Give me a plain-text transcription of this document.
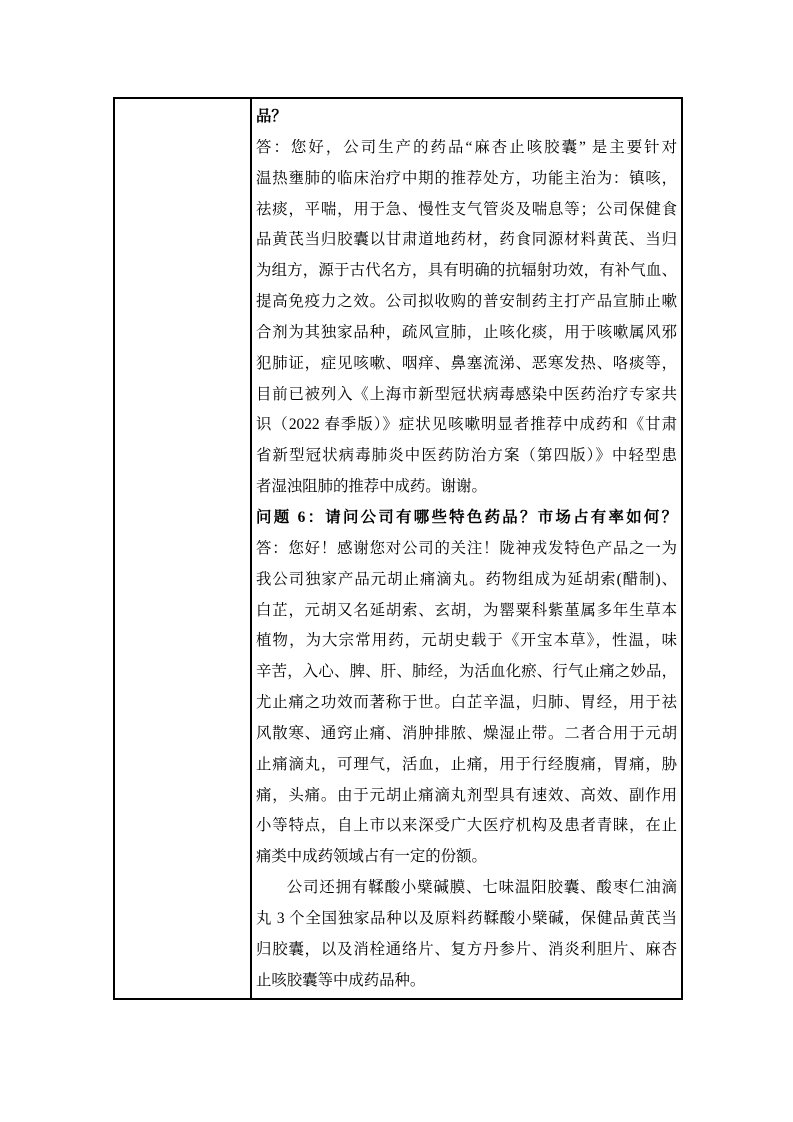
品？
答：您好，公司生产的药品“麻杏止咳胶囊” 是主要针对
温热壅肺的临床治疗中期的推荐处方，功能主治为：镇咳，
祛痰，平喘，用于急、慢性支气管炎及喘息等；公司保健食
品黄芪当归胶囊以甘肃道地药材，药食同源材料黄芪、当归
为组方，源于古代名方，具有明确的抗辐射功效，有补气血、
提高免疫力之效。公司拟收购的普安制药主打产品宣肺止嗽
合剂为其独家品种，疏风宣肺，止咳化痰，用于咳嗽属风邪
犯肺证，症见咳嗽、咽痒、鼻塞流涕、恶寒发热、咯痰等，
目前已被列入《上海市新型冠状病毒感染中医药治疗专家共
识（2022 春季版）》症状见咳嗽明显者推荐中成药和《甘肃
省新型冠状病毒肺炎中医药防治方案（第四版）》中轻型患
者湿浊阻肺的推荐中成药。谢谢。
问题 6：请问公司有哪些特色药品？市场占有率如何？
答：您好！感谢您对公司的关注！陇神戎发特色产品之一为
我公司独家产品元胡止痛滴丸。药物组成为延胡索(醋制)、
白芷，元胡又名延胡索、玄胡，为罂粟科紫堇属多年生草本
植物，为大宗常用药，元胡史载于《开宝本草》，性温，味
辛苦，入心、脾、肝、肺经，为活血化瘀、行气止痛之妙品，
尤止痛之功效而著称于世。白芷辛温，归肺、胃经，用于祛
风散寒、通窍止痛、消肿排脓、燥湿止带。二者合用于元胡
止痛滴丸，可理气，活血，止痛，用于行经腹痛，胃痛，胁
痛，头痛。由于元胡止痛滴丸剂型具有速效、高效、副作用
小等特点，自上市以来深受广大医疗机构及患者青睐，在止
痛类中成药领域占有一定的份额。
公司还拥有鞣酸小檗碱膜、七味温阳胶囊、酸枣仁油滴
丸 3 个全国独家品种以及原料药鞣酸小檗碱，保健品黄芪当
归胶囊，以及消栓通络片、复方丹参片、消炎利胆片、麻杏
止咳胶囊等中成药品种。
